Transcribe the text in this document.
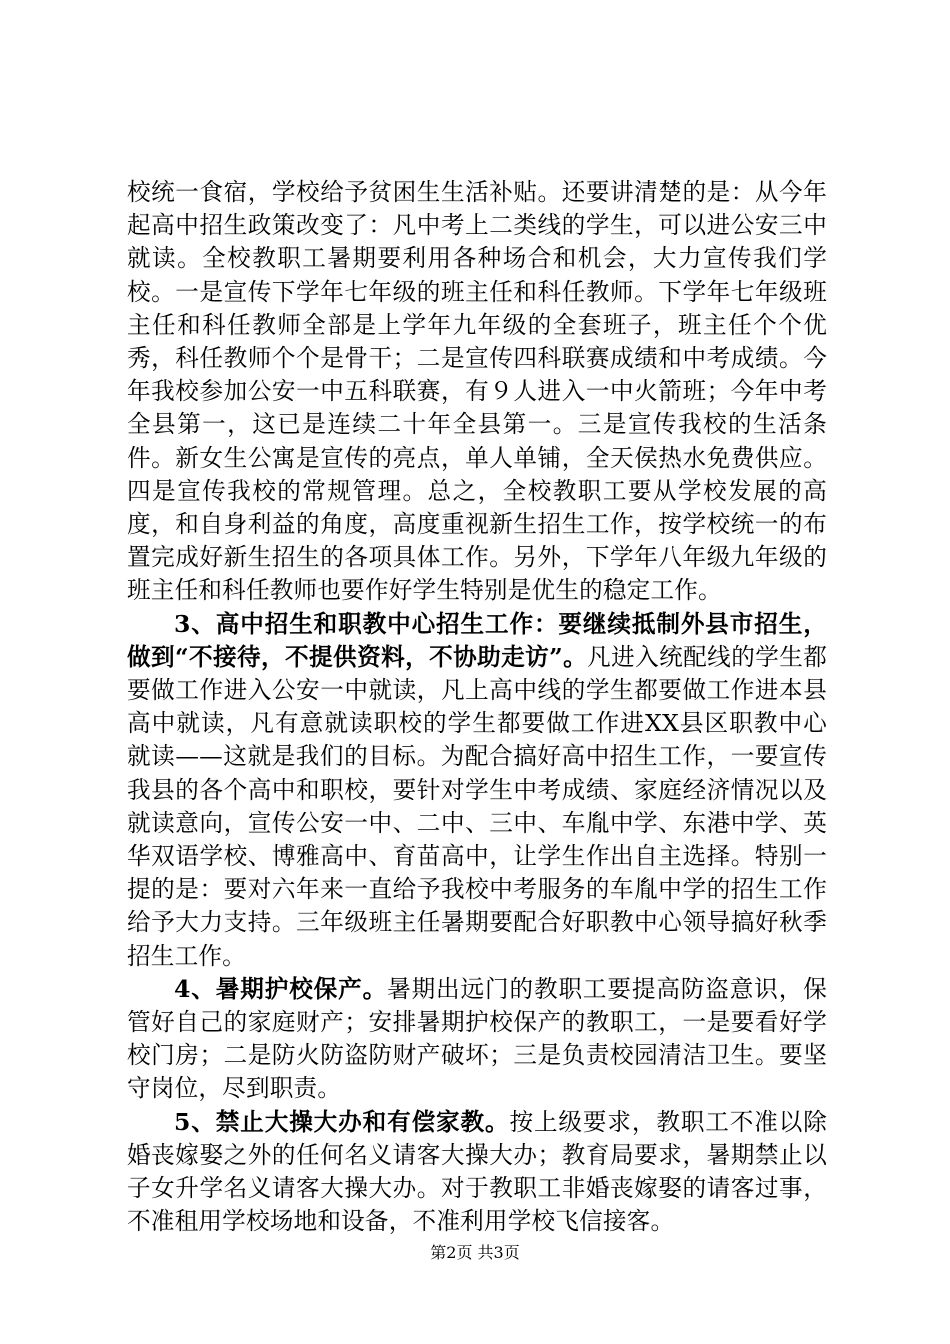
校统一食宿，学校给予贫困生生活补贴。还要讲清楚的是：从今年起高中招生政策改变了：凡中考上二类线的学生，可以进公安三中就读。全校教职工暑期要利用各种场合和机会，大力宣传我们学校。一是宣传下学年七年级的班主任和科任教师。下学年七年级班主任和科任教师全部是上学年九年级的全套班子，班主任个个优秀，科任教师个个是骨干；二是宣传四科联赛成绩和中考成绩。今年我校参加公安一中五科联赛，有９人进入一中火箭班；今年中考全县第一，这已是连续二十年全县第一。三是宣传我校的生活条件。新女生公寓是宣传的亮点，单人单铺，全天侯热水免费供应。四是宣传我校的常规管理。总之，全校教职工要从学校发展的高度，和自身利益的角度，高度重视新生招生工作，按学校统一的布置完成好新生招生的各项具体工作。另外，下学年八年级九年级的班主任和科任教师也要作好学生特别是优生的稳定工作。

3、高中招生和职教中心招生工作：要继续抵制外县市招生，做到“不接待，不提供资料，不协助走访”。凡进入统配线的学生都要做工作进入公安一中就读，凡上高中线的学生都要做工作进本县高中就读，凡有意就读职校的学生都要做工作进XX县区职教中心就读——这就是我们的目标。为配合搞好高中招生工作，一要宣传我县的各个高中和职校，要针对学生中考成绩、家庭经济情况以及就读意向，宣传公安一中、二中、三中、车胤中学、东港中学、英华双语学校、博雅高中、育苗高中，让学生作出自主选择。特别一提的是：要对六年来一直给予我校中考服务的车胤中学的招生工作给予大力支持。三年级班主任暑期要配合好职教中心领导搞好秋季招生工作。

4、暑期护校保产。暑期出远门的教职工要提高防盗意识，保管好自己的家庭财产；安排暑期护校保产的教职工，一是要看好学校门房；二是防火防盗防财产破坏；三是负责校园清洁卫生。要坚守岗位，尽到职责。

5、禁止大操大办和有偿家教。按上级要求，教职工不准以除婚丧嫁娶之外的任何名义请客大操大办；教育局要求，暑期禁止以子女升学名义请客大操大办。对于教职工非婚丧嫁娶的请客过事，不准租用学校场地和设备，不准利用学校飞信接客。

第2页 共3页
